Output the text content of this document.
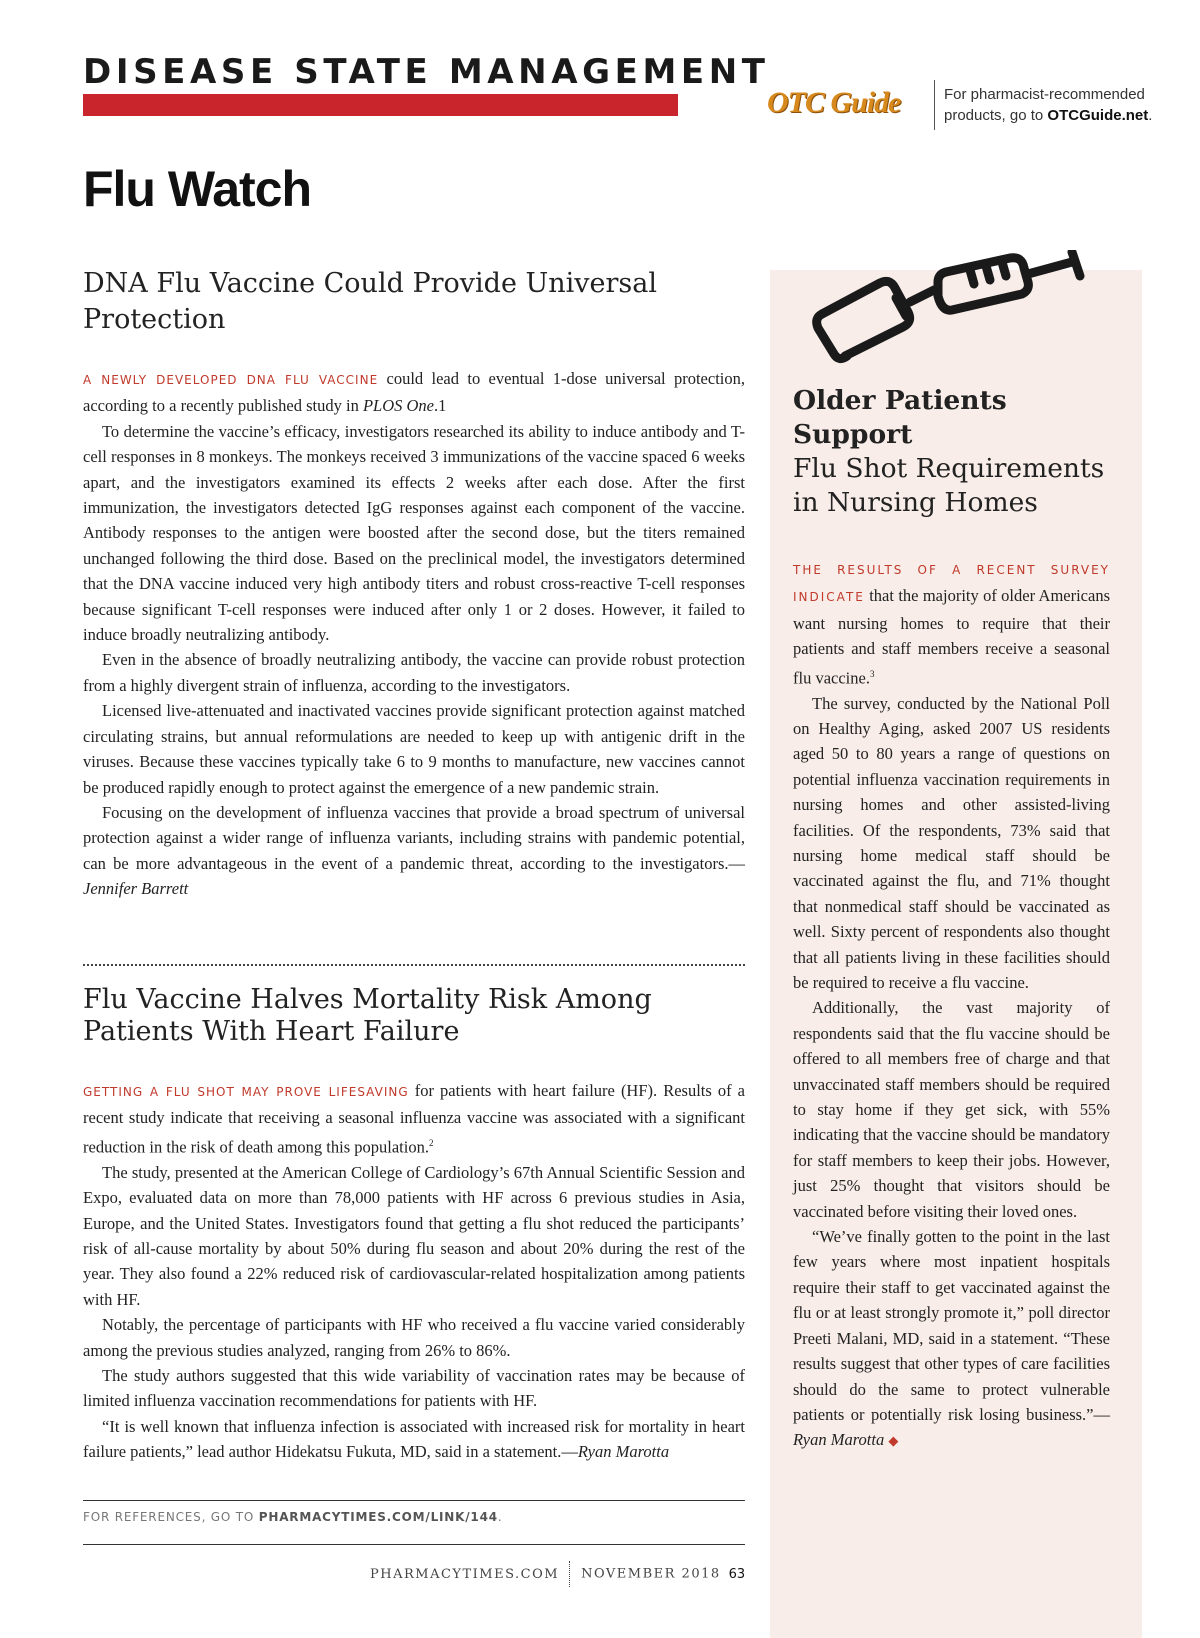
DISEASE STATE MANAGEMENT
OTC Guide	For pharmacist-recommended products, go to OTCGuide.net.
Flu Watch
DNA Flu Vaccine Could Provide Universal Protection

A NEWLY DEVELOPED DNA FLU VACCINE could lead to eventual 1-dose universal protection, according to a recently published study in PLOS One.1

To determine the vaccine’s efficacy, investigators researched its ability to induce antibody and T-cell responses in 8 monkeys. The monkeys received 3 immunizations of the vaccine spaced 6 weeks apart, and the investigators examined its effects 2 weeks after each dose. After the first immunization, the investigators detected IgG responses against each component of the vaccine. Antibody responses to the antigen were boosted after the second dose, but the titers remained unchanged following the third dose. Based on the preclinical model, the investigators determined that the DNA vaccine induced very high antibody titers and robust cross-reactive T-cell responses because significant T-cell responses were induced after only 1 or 2 doses. However, it failed to induce broadly neutralizing antibody.

Even in the absence of broadly neutralizing antibody, the vaccine can provide robust protection from a highly divergent strain of influenza, according to the investigators.

Licensed live-attenuated and inactivated vaccines provide significant protection against matched circulating strains, but annual reformulations are needed to keep up with antigenic drift in the viruses. Because these vaccines typically take 6 to 9 months to manufacture, new vaccines cannot be produced rapidly enough to protect against the emergence of a new pandemic strain.

Focusing on the development of influenza vaccines that provide a broad spectrum of universal protection against a wider range of influenza variants, including strains with pandemic potential, can be more advantageous in the event of a pandemic threat, according to the investigators.—Jennifer Barrett

Flu Vaccine Halves Mortality Risk Among Patients With Heart Failure

GETTING A FLU SHOT MAY PROVE LIFESAVING for patients with heart failure (HF). Results of a recent study indicate that receiving a seasonal influenza vaccine was associated with a significant reduction in the risk of death among this population.$^2$

The study, presented at the American College of Cardiology’s 67th Annual Scientific Session and Expo, evaluated data on more than 78,000 patients with HF across 6 previous studies in Asia, Europe, and the United States. Investigators found that getting a flu shot reduced the participants’ risk of all-cause mortality by about 50% during flu season and about 20% during the rest of the year. They also found a 22% reduced risk of cardiovascular-related hospitalization among patients with HF.

Notably, the percentage of participants with HF who received a flu vaccine varied considerably among the previous studies analyzed, ranging from 26% to 86%.

The study authors suggested that this wide variability of vaccination rates may be because of limited influenza vaccination recommendations for patients with HF.

“It is well known that influenza infection is associated with increased risk for mortality in heart failure patients,” lead author Hidekatsu Fukuta, MD, said in a statement.—Ryan Marotta

FOR REFERENCES, GO TO PHARMACYTIMES.COM/LINK/144.
PHARMACYTIMES.COM NOVEMBER 2018 63
Older Patients Support
Flu Shot Requirements in Nursing Homes

THE RESULTS OF A RECENT SURVEY INDICATE that the majority of older Americans want nursing homes to require that their patients and staff members receive a seasonal flu vaccine.$^3$

The survey, conducted by the National Poll on Healthy Aging, asked 2007 US residents aged 50 to 80 years a range of questions on potential influenza vaccination requirements in nursing homes and other assisted-living facilities. Of the respondents, 73% said that nursing home medical staff should be vaccinated against the flu, and 71% thought that nonmedical staff should be vaccinated as well. Sixty percent of respondents also thought that all patients living in these facilities should be required to receive a flu vaccine.

Additionally, the vast majority of respondents said that the flu vaccine should be offered to all members free of charge and that unvaccinated staff members should be required to stay home if they get sick, with 55% indicating that the vaccine should be mandatory for staff members to keep their jobs. However, just 25% thought that visitors should be vaccinated before visiting their loved ones.

“We’ve finally gotten to the point in the last few years where most inpatient hospitals require their staff to get vaccinated against the flu or at least strongly promote it,” poll director Preeti Malani, MD, said in a statement. “These results suggest that other types of care facilities should do the same to protect vulnerable patients or potentially risk losing business.”—Ryan Marotta ◆
